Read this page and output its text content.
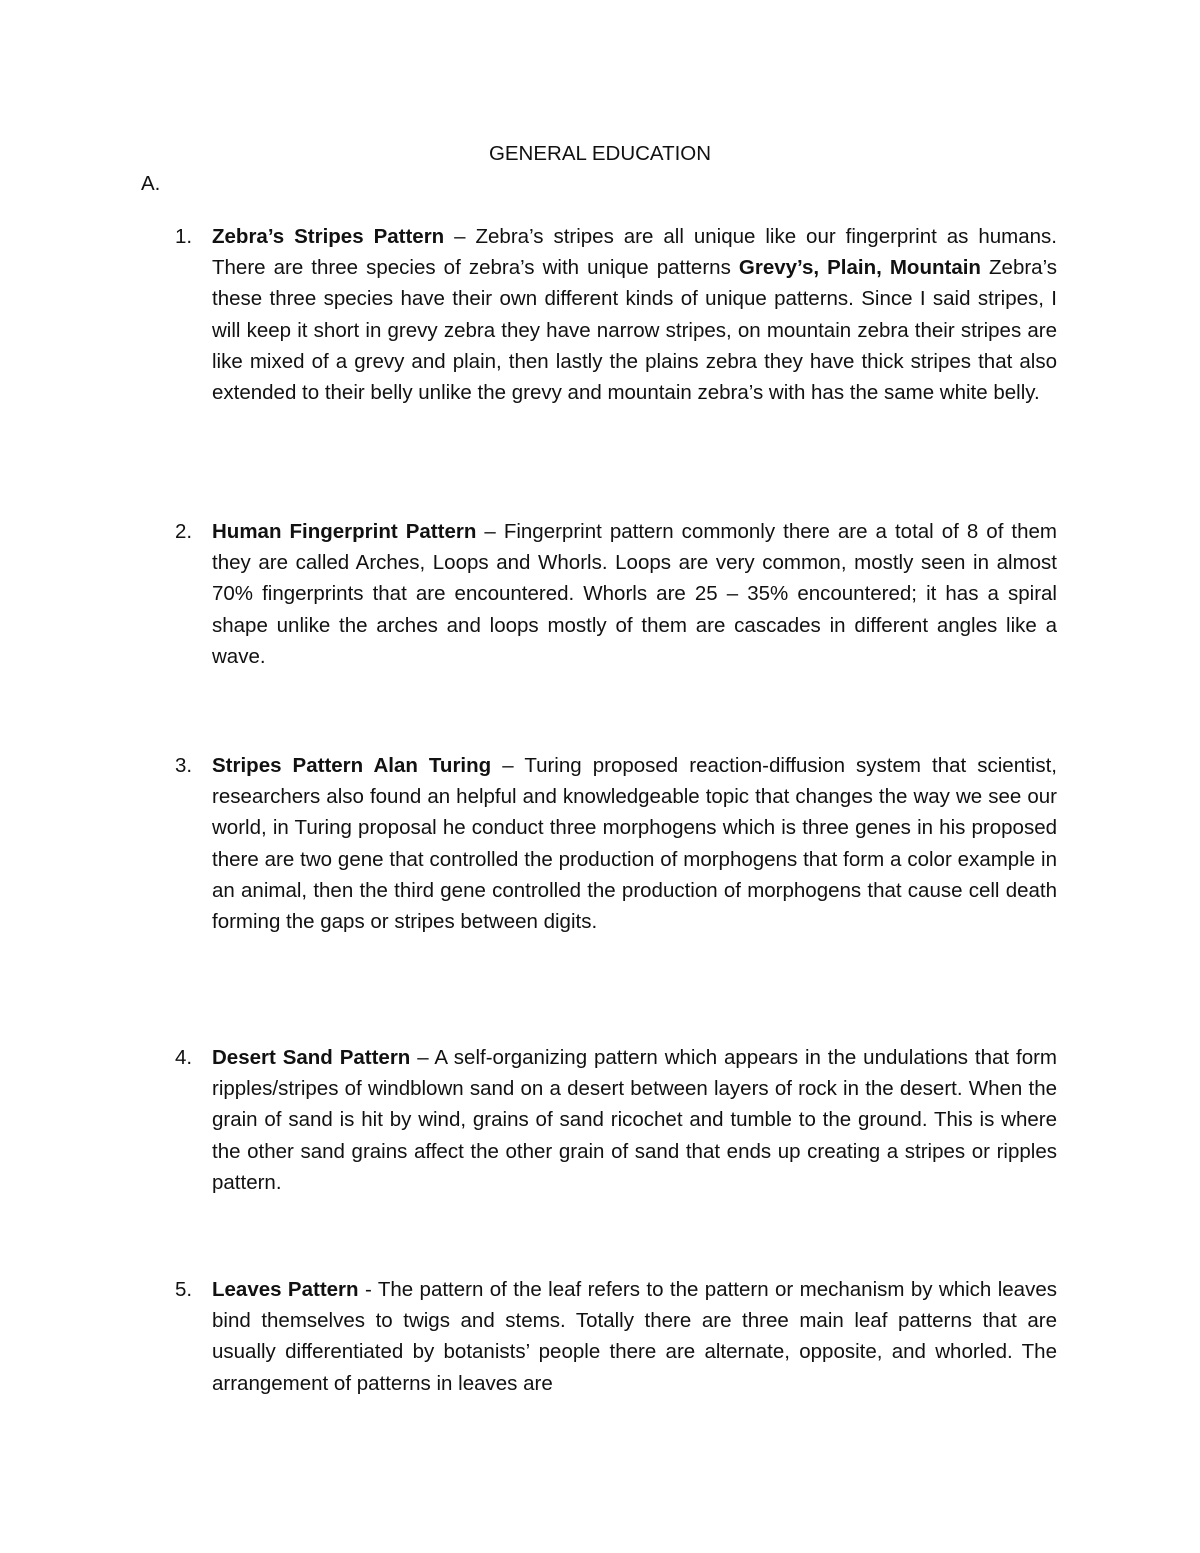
GENERAL EDUCATION
A.
1. Zebra’s Stripes Pattern – Zebra’s stripes are all unique like our fingerprint as humans. There are three species of zebra’s with unique patterns Grevy’s, Plain, Mountain Zebra’s these three species have their own different kinds of unique patterns. Since I said stripes, I will keep it short in grevy zebra they have narrow stripes, on mountain zebra their stripes are like mixed of a grevy and plain, then lastly the plains zebra they have thick stripes that also extended to their belly unlike the grevy and mountain zebra’s with has the same white belly.
2. Human Fingerprint Pattern – Fingerprint pattern commonly there are a total of 8 of them they are called Arches, Loops and Whorls. Loops are very common, mostly seen in almost 70% fingerprints that are encountered. Whorls are 25 – 35% encountered; it has a spiral shape unlike the arches and loops mostly of them are cascades in different angles like a wave.
3. Stripes Pattern Alan Turing – Turing proposed reaction-diffusion system that scientist, researchers also found an helpful and knowledgeable topic that changes the way we see our world, in Turing proposal he conduct three morphogens which is three genes in his proposed there are two gene that controlled the production of morphogens that form a color example in an animal, then the third gene controlled the production of morphogens that cause cell death forming the gaps or stripes between digits.
4. Desert Sand Pattern – A self-organizing pattern which appears in the undulations that form ripples/stripes of windblown sand on a desert between layers of rock in the desert. When the grain of sand is hit by wind, grains of sand ricochet and tumble to the ground. This is where the other sand grains affect the other grain of sand that ends up creating a stripes or ripples pattern.
5. Leaves Pattern - The pattern of the leaf refers to the pattern or mechanism by which leaves bind themselves to twigs and stems. Totally there are three main leaf patterns that are usually differentiated by botanists’ people there are alternate, opposite, and whorled. The arrangement of patterns in leaves are
